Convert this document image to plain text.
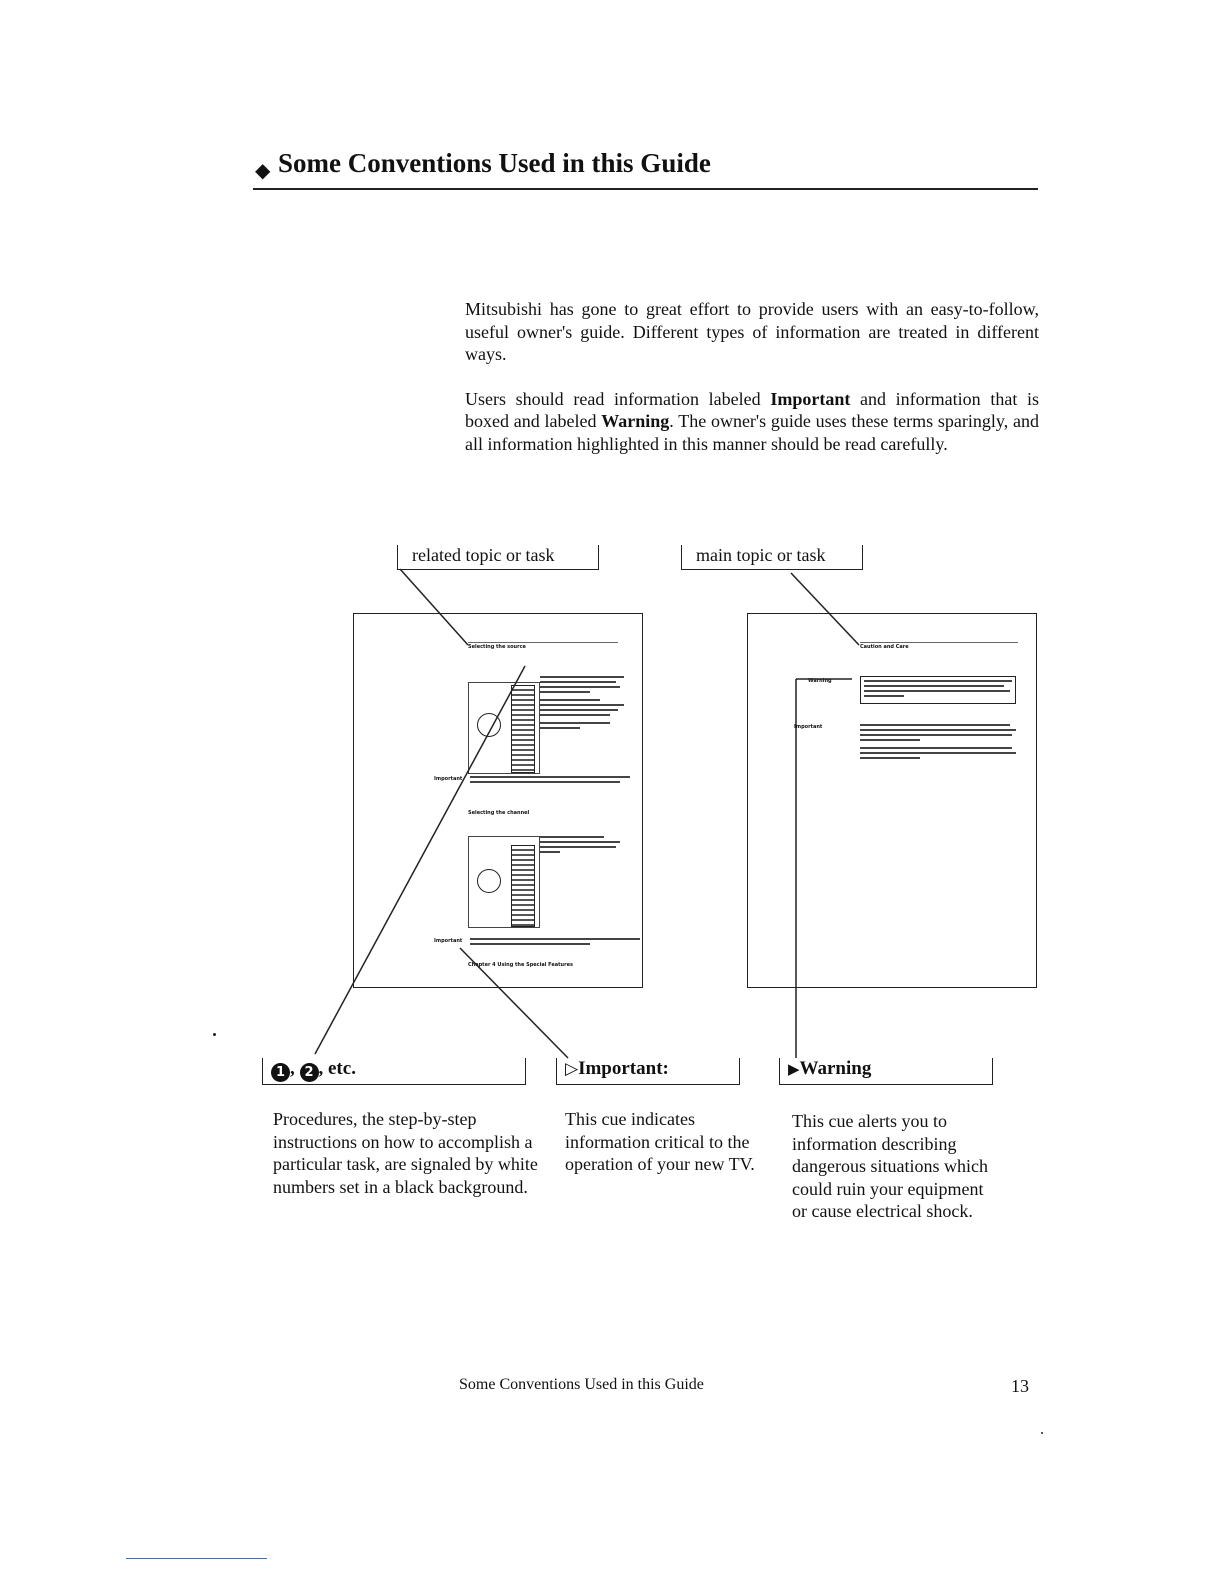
◆ Some Conventions Used in this Guide

Mitsubishi has gone to great effort to provide users with an easy-to-follow, useful owner's guide. Different types of information are treated in different ways.

Users should read information labeled Important and information that is boxed and labeled Warning. The owner's guide uses these terms sparingly, and all information highlighted in this manner should be read carefully.

related topic or task	main topic or task
Selecting the source
Important
Selecting the channel
Important
Chapter 4 Using the Special Features
Caution and Care
Warning
Important
1 , 2 , etc.	▷Important:	▶Warning
Procedures, the step-by-step instructions on how to accomplish a particular task, are signaled by white numbers set in a black background.
This cue indicates information critical to the operation of your new TV.
This cue alerts you to information describing dangerous situations which could ruin your equipment or cause electrical shock.
Some Conventions Used in this Guide	13
